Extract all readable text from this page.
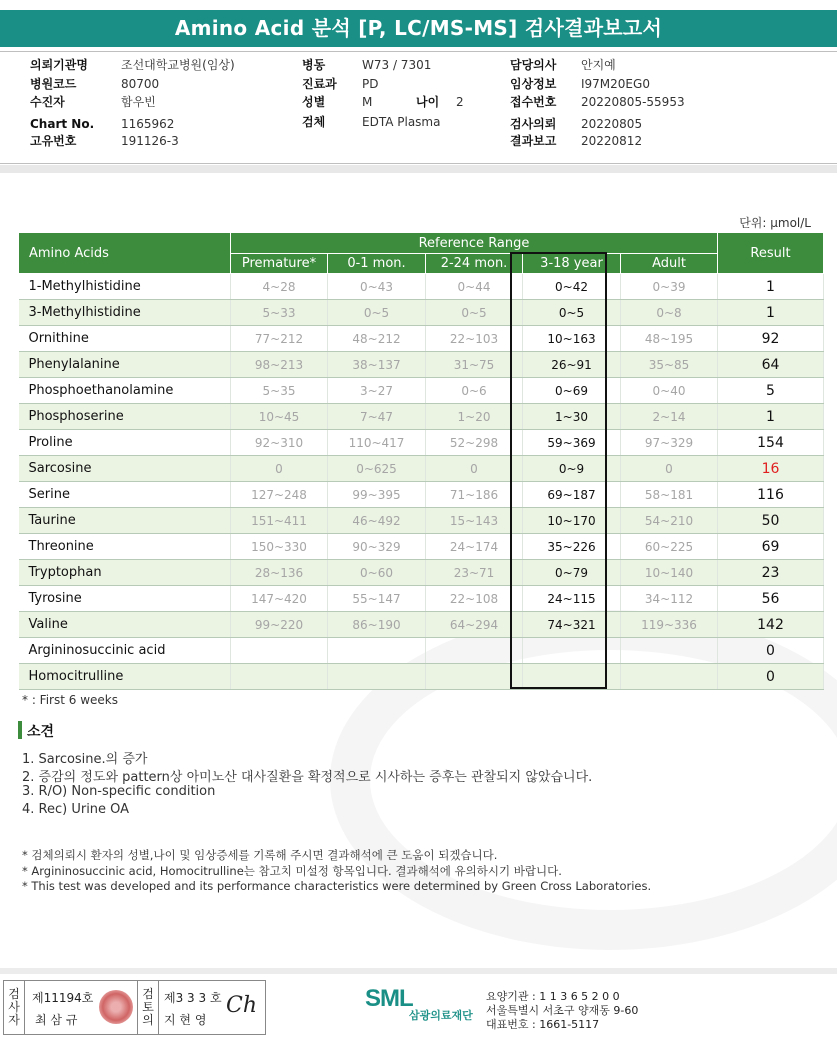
Amino Acid 분석 [P, LC/MS-MS] 검사결과보고서
의뢰기관명	조선대학교병원(임상)
병원코드	80700
수진자	함우빈
Chart No. 1165962
고유번호	191126-3
병동	W73 / 7301
진료과 PD
성별	M
검체	EDTA Plasma
담당의사 안지예
임상정보 I97M20EG0
접수번호 20220805-55953
검사의뢰 20220805
결과보고 20220812
나이 2
단위: μmol/L
Amino Acids	Reference Range					Result
	Premature*	0-1 mon.	2-24 mon.	3-18 year	Adult	
1-Methylhistidine	4~28	0~43	0~44	0~42	0~39	1
3-Methylhistidine	5~33	0~5	0~5	0~5	0~8	1
Ornithine	77~212	48~212	22~103	10~163	48~195	92
Phenylalanine	98~213	38~137	31~75	26~91	35~85	64
Phosphoethanolamine	5~35	3~27	0~6	0~69	0~40	5
Phosphoserine	10~45	7~47	1~20	1~30	2~14	1
Proline	92~310	110~417	52~298	59~369	97~329	154
Sarcosine	0	0~625	0	0~9	0	16
Serine	127~248	99~395	71~186	69~187	58~181	116
Taurine	151~411	46~492	15~143	10~170	54~210	50
Threonine	150~330	90~329	24~174	35~226	60~225	69
Tryptophan	28~136	0~60	23~71	0~79	10~140	23
Tyrosine	147~420	55~147	22~108	24~115	34~112	56
Valine	99~220	86~190	64~294	74~321	119~336	142
Argininosuccinic acid						0
Homocitrulline						0
* : First 6 weeks
소견
1. Sarcosine.의 증가
2. 증감의 정도와 pattern상 아미노산 대사질환을 확정적으로 시사하는 증후는 관찰되지 않았습니다.
3. R/O) Non-specific condition
4. Rec) Urine OA
* 검체의뢰시 환자의 성별,나이 및 임상증세를 기록해 주시면 결과해석에 큰 도움이 되겠습니다.
* Argininosuccinic acid, Homocitrulline는 참고치 미설정 항목입니다. 결과해석에 유의하시기 바랍니다.
* This test was developed and its performance characteristics were determined by Green Cross Laboratories.
검
사
자
제11194호
최 삼 규
검
토
의
제3 3 3 호
지 현 영
Ch	SML
삼광의료재단
요양기관 : 1 1 3 6 5 2 0 0
서울특별시 서초구 양재동 9-60
대표번호 : 1661-5117
